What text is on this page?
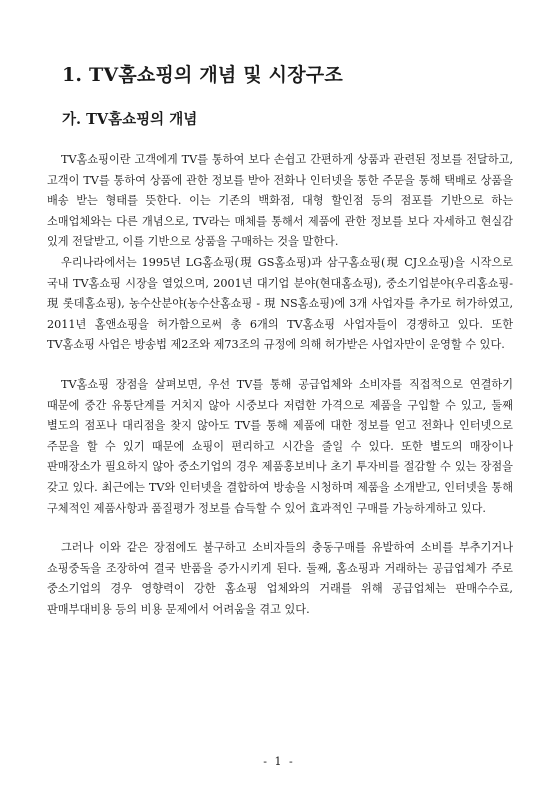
1. TV홈쇼핑의 개념 및 시장구조
가. TV홈쇼핑의 개념

TV홈쇼핑이란 고객에게 TV를 통하여 보다 손쉽고 간편하게 상품과 관련된 정보를 전달하고, 고객이 TV를 통하여 상품에 관한 정보를 받아 전화나 인터넷을 통한 주문을 통해 택배로 상품을 배송 받는 형태를 뜻한다. 이는 기존의 백화점, 대형 할인점 등의 점포를 기반으로 하는 소매업체와는 다른 개념으로, TV라는 매체를 통해서 제품에 관한 정보를 보다 자세하고 현실감 있게 전달받고, 이를 기반으로 상품을 구매하는 것을 말한다.

우리나라에서는 1995년 LG홈쇼핑(現 GS홈쇼핑)과 삼구홈쇼핑(現 CJ오쇼핑)을 시작으로 국내 TV홈쇼핑 시장을 열었으며, 2001년 대기업 분야(현대홈쇼핑), 중소기업분야(우리홈쇼핑-現 롯데홈쇼핑), 농수산분야(농수산홈쇼핑 - 現 NS홈쇼핑)에 3개 사업자를 추가로 허가하였고, 2011년 홈앤쇼핑을 허가함으로써 총 6개의 TV홈쇼핑 사업자들이 경쟁하고 있다. 또한 TV홈쇼핑 사업은 방송법 제2조와 제73조의 규정에 의해 허가받은 사업자만이 운영할 수 있다.

TV홈쇼핑 장점을 살펴보면, 우선 TV를 통해 공급업체와 소비자를 직접적으로 연결하기 때문에 중간 유통단계를 거치지 않아 시중보다 저렴한 가격으로 제품을 구입할 수 있고, 둘째 별도의 점포나 대리점을 찾지 않아도 TV를 통해 제품에 대한 정보를 얻고 전화나 인터넷으로 주문을 할 수 있기 때문에 쇼핑이 편리하고 시간을 줄일 수 있다. 또한 별도의 매장이나 판매장소가 필요하지 않아 중소기업의 경우 제품홍보비나 초기 투자비를 절감할 수 있는 장점을 갖고 있다. 최근에는 TV와 인터넷을 결합하여 방송을 시청하며 제품을 소개받고, 인터넷을 통해 구체적인 제품사항과 품질평가 정보를 습득할 수 있어 효과적인 구매를 가능하게하고 있다.

그러나 이와 같은 장점에도 불구하고 소비자들의 충동구매를 유발하여 소비를 부추기거나 쇼핑중독을 조장하여 결국 반품을 증가시키게 된다. 둘째, 홈쇼핑과 거래하는 공급업체가 주로 중소기업의 경우 영향력이 강한 홈쇼핑 업체와의 거래를 위해 공급업체는 판매수수료, 판매부대비용 등의 비용 문제에서 어려움을 겪고 있다.

- 1 -
